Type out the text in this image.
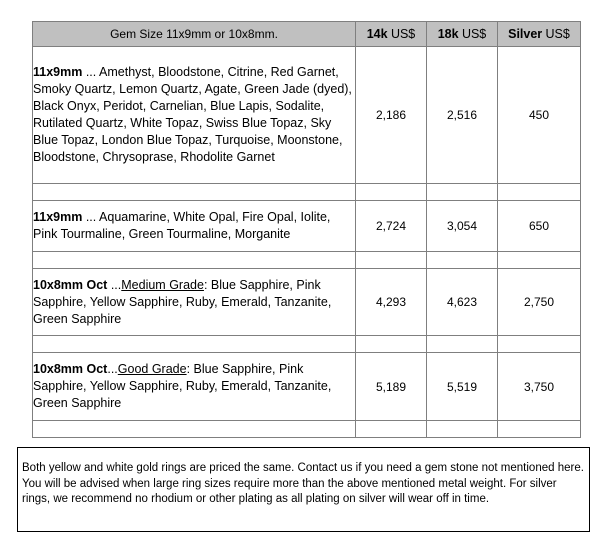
Gem Size 11x9mm or 10x8mm.	14k US$	18k US$	Silver US$
11x9mm ... Amethyst, Bloodstone, Citrine, Red Garnet, Smoky Quartz, Lemon Quartz, Agate, Green Jade (dyed), Black Onyx, Peridot, Carnelian, Blue Lapis, Sodalite, Rutilated Quartz, White Topaz, Swiss Blue Topaz, Sky Blue Topaz, London Blue Topaz, Turquoise, Moonstone, Bloodstone, Chrysoprase, Rhodolite Garnet	2,186	2,516	450

11x9mm ... Aquamarine, White Opal, Fire Opal, Iolite, Pink Tourmaline, Green Tourmaline, Morganite	2,724	3,054	650

10x8mm Oct ...Medium Grade: Blue Sapphire, Pink Sapphire, Yellow Sapphire, Ruby, Emerald, Tanzanite, Green Sapphire	4,293	4,623	2,750

10x8mm Oct...Good Grade: Blue Sapphire, Pink Sapphire, Yellow Sapphire, Ruby, Emerald, Tanzanite, Green Sapphire	5,189	5,519	3,750

Both yellow and white gold rings are priced the same. Contact us if you need a gem stone not mentioned here. You will be advised when large ring sizes require more than the above mentioned metal weight. For silver rings, we recommend no rhodium or other plating as all plating on silver will wear off in time.
